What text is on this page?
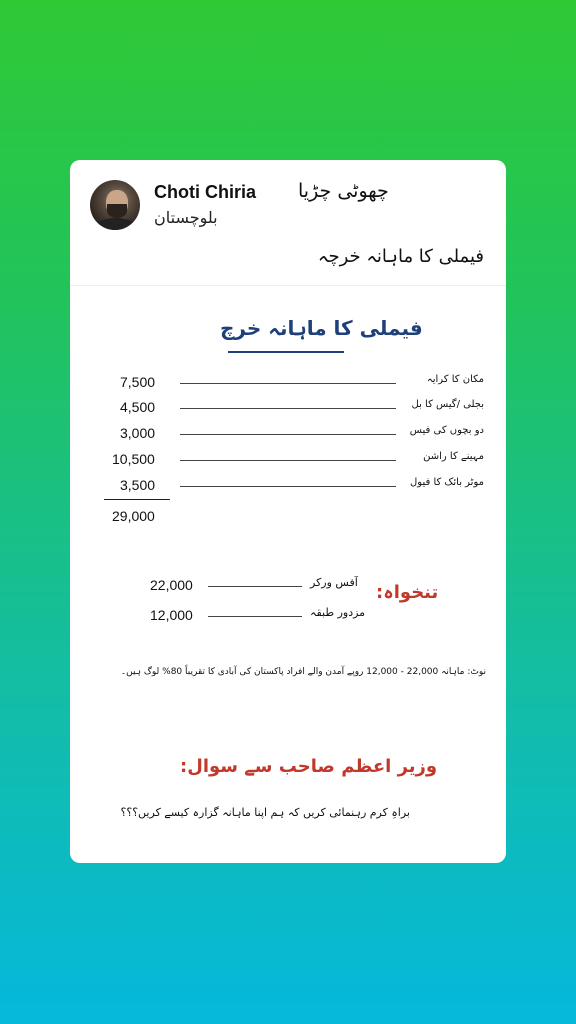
Choti Chiria چھوٹی چڑیا
بلوچستان
فیملی کا ماہانہ خرچہ
فیملی کا ماہانہ خرچ
7,500	مکان کا کرایہ
4,500	بجلی /گیس کا بل
3,000	دو بچوں کی فیس
10,500	مہینے کا راشن
3,500	موٹر بائک کا فیول
29,000
تنخواہ:
22,000	آفس ورکر
12,000	مزدور طبقہ
نوٹ: ماہانہ 22,000 - 12,000 روپے آمدن والے افراد پاکستان کی آبادی کا تقریباً 80% لوگ ہیں۔
وزیر اعظم صاحب سے سوال:
براہِ کرم رہنمائی کریں کہ ہم اپنا ماہانہ گزارہ کیسے کریں؟؟؟
